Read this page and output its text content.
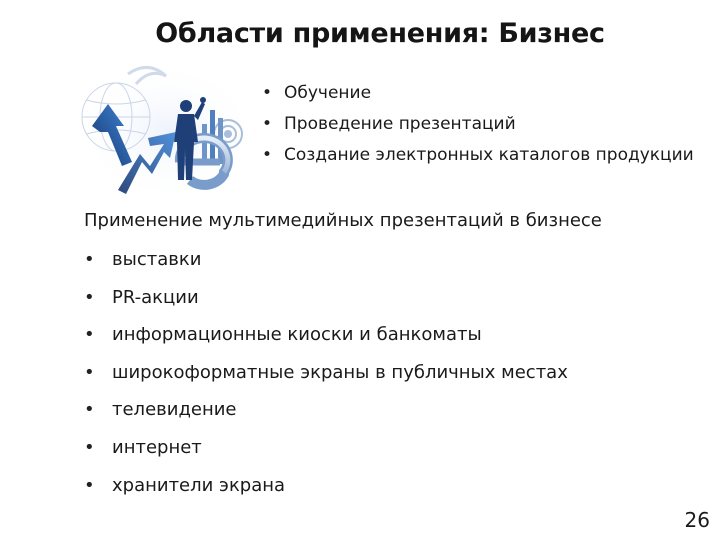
Области применения: Бизнес
• Обучение
• Проведение презентаций
• Создание электронных каталогов продукции
Применение мультимедийных презентаций в бизнесе
• выставки
• PR-акции
• информационные киоски и банкоматы
• широкоформатные экраны в публичных местах
• телевидение
• интернет
• хранители экрана
26
